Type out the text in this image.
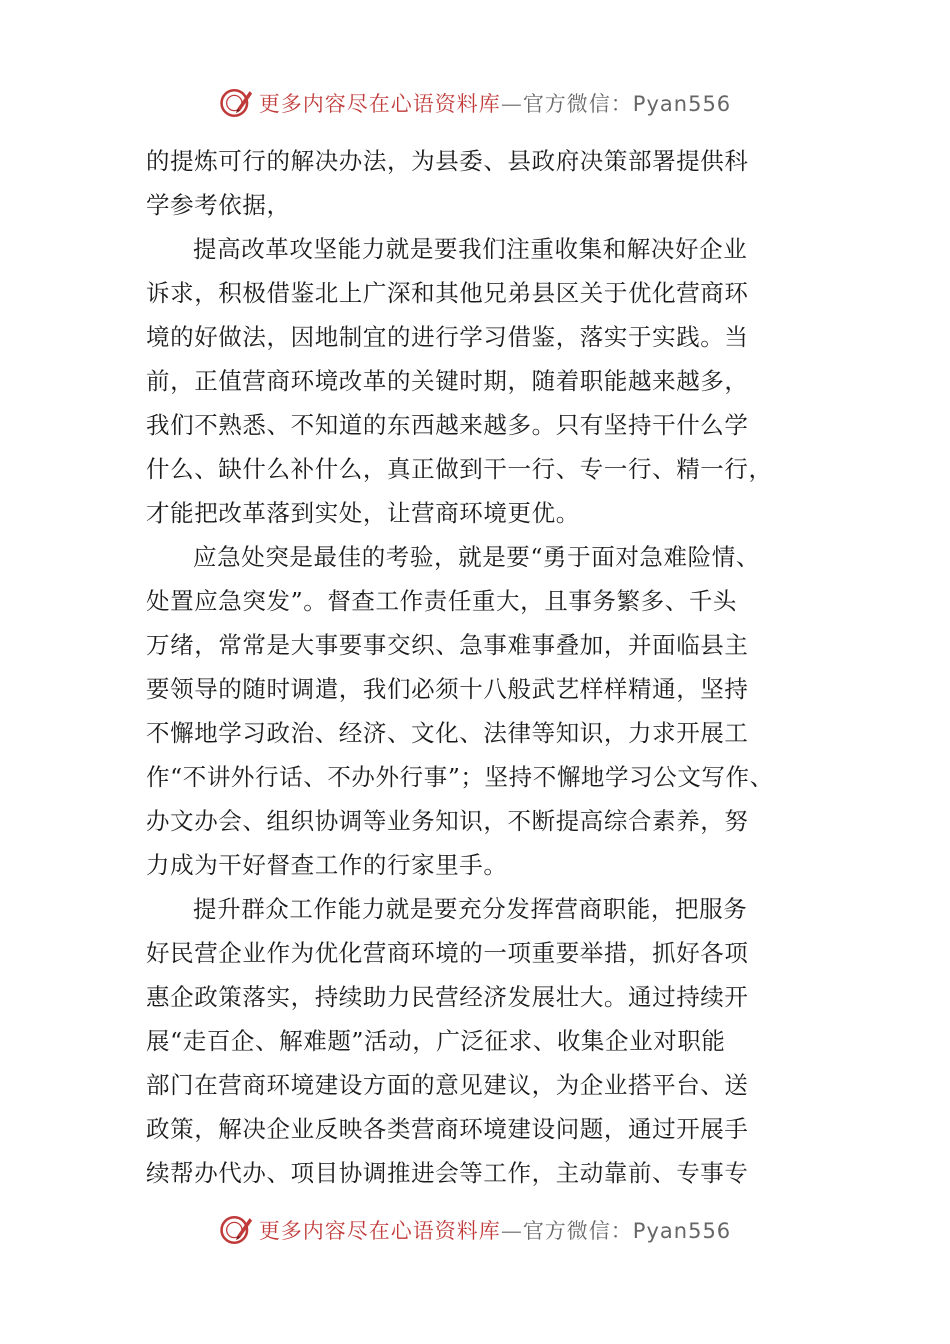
更多内容尽在心语资料库—官方微信：Pyan556
的提炼可行的解决办法，为县委、县政府决策部署提供科
学参考依据，
提高改革攻坚能力就是要我们注重收集和解决好企业
诉求，积极借鉴北上广深和其他兄弟县区关于优化营商环
境的好做法，因地制宜的进行学习借鉴，落实于实践。当
前，正值营商环境改革的关键时期，随着职能越来越多，
我们不熟悉、不知道的东西越来越多。只有坚持干什么学
什么、缺什么补什么，真正做到干一行、专一行、精一行，
才能把改革落到实处，让营商环境更优。
应急处突是最佳的考验，就是要“勇于面对急难险情、
处置应急突发”。督查工作责任重大，且事务繁多、千头
万绪，常常是大事要事交织、急事难事叠加，并面临县主
要领导的随时调遣，我们必须十八般武艺样样精通，坚持
不懈地学习政治、经济、文化、法律等知识，力求开展工
作“不讲外行话、不办外行事”；坚持不懈地学习公文写作、
办文办会、组织协调等业务知识，不断提高综合素养，努
力成为干好督查工作的行家里手。
提升群众工作能力就是要充分发挥营商职能，把服务
好民营企业作为优化营商环境的一项重要举措，抓好各项
惠企政策落实，持续助力民营经济发展壮大。通过持续开
展“走百企、解难题”活动，广泛征求、收集企业对职能
部门在营商环境建设方面的意见建议，为企业搭平台、送
政策，解决企业反映各类营商环境建设问题，通过开展手
续帮办代办、项目协调推进会等工作，主动靠前、专事专
更多内容尽在心语资料库—官方微信：Pyan556
